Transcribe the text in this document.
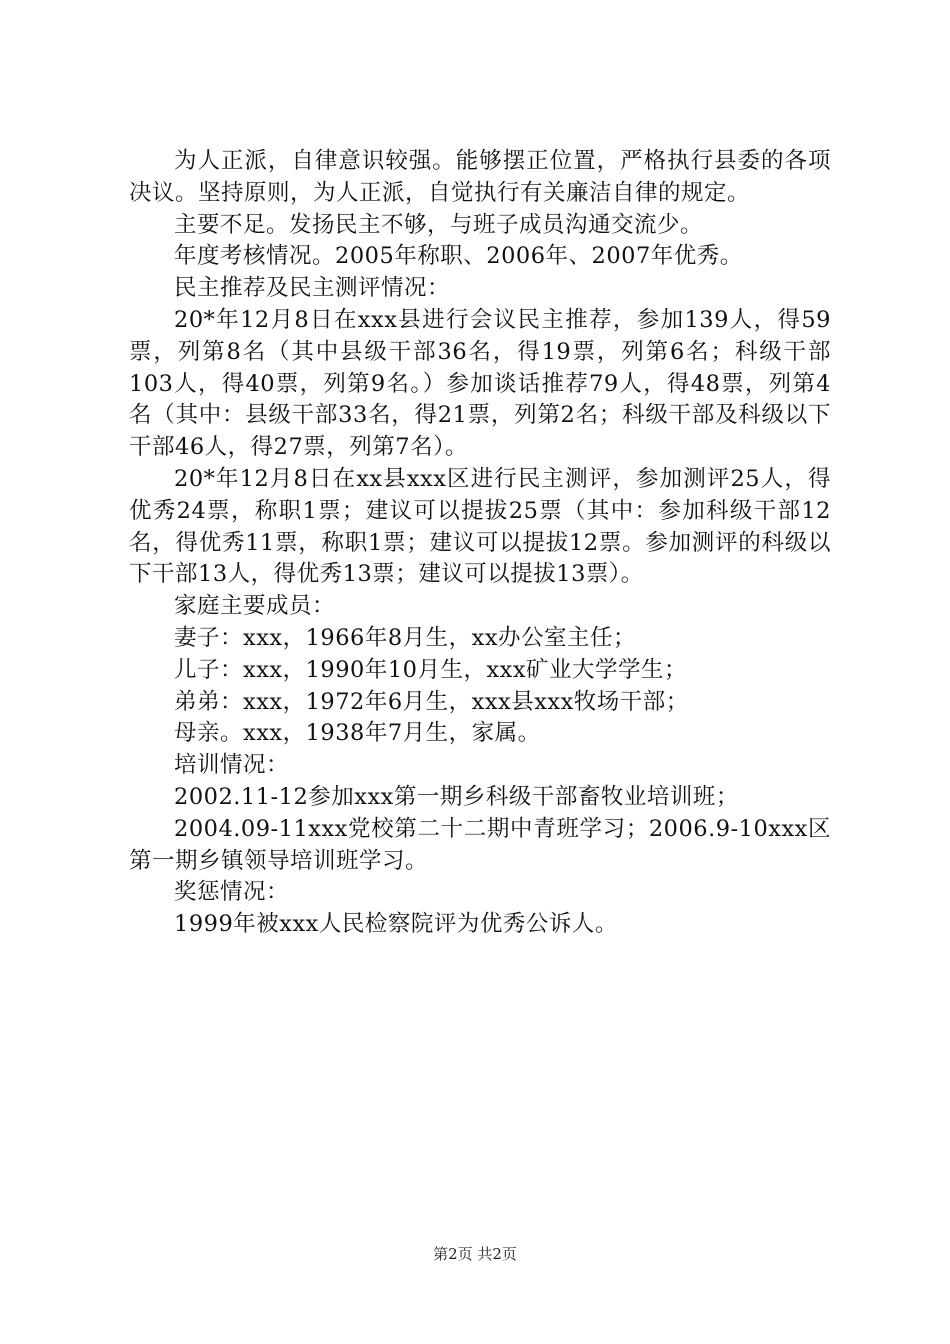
为人正派，自律意识较强。能够摆正位置，严格执行县委的各项决议。坚持原则，为人正派，自觉执行有关廉洁自律的规定。

主要不足。发扬民主不够，与班子成员沟通交流少。

年度考核情况。2005年称职、2006年、2007年优秀。

民主推荐及民主测评情况：

20*年12月8日在xxx县进行会议民主推荐，参加139人，得59票，列第8名（其中县级干部36名，得19票，列第6名；科级干部103人，得40票，列第9名。）参加谈话推荐79人，得48票，列第4名（其中：县级干部33名，得21票，列第2名；科级干部及科级以下干部46人，得27票，列第7名）。

20*年12月8日在xx县xxx区进行民主测评，参加测评25人，得优秀24票，称职1票；建议可以提拔25票（其中：参加科级干部12名，得优秀11票，称职1票；建议可以提拔12票。参加测评的科级以下干部13人，得优秀13票；建议可以提拔13票）。

家庭主要成员：

妻子：xxx，1966年8月生，xx办公室主任；

儿子：xxx，1990年10月生，xxx矿业大学学生；

弟弟：xxx，1972年6月生，xxx县xxx牧场干部；

母亲。xxx，1938年7月生，家属。

培训情况：

2002.11-12参加xxx第一期乡科级干部畜牧业培训班；

2004.09-11xxx党校第二十二期中青班学习；2006.9-10xxx区第一期乡镇领导培训班学习。

奖惩情况：

1999年被xxx人民检察院评为优秀公诉人。

第2页 共2页
